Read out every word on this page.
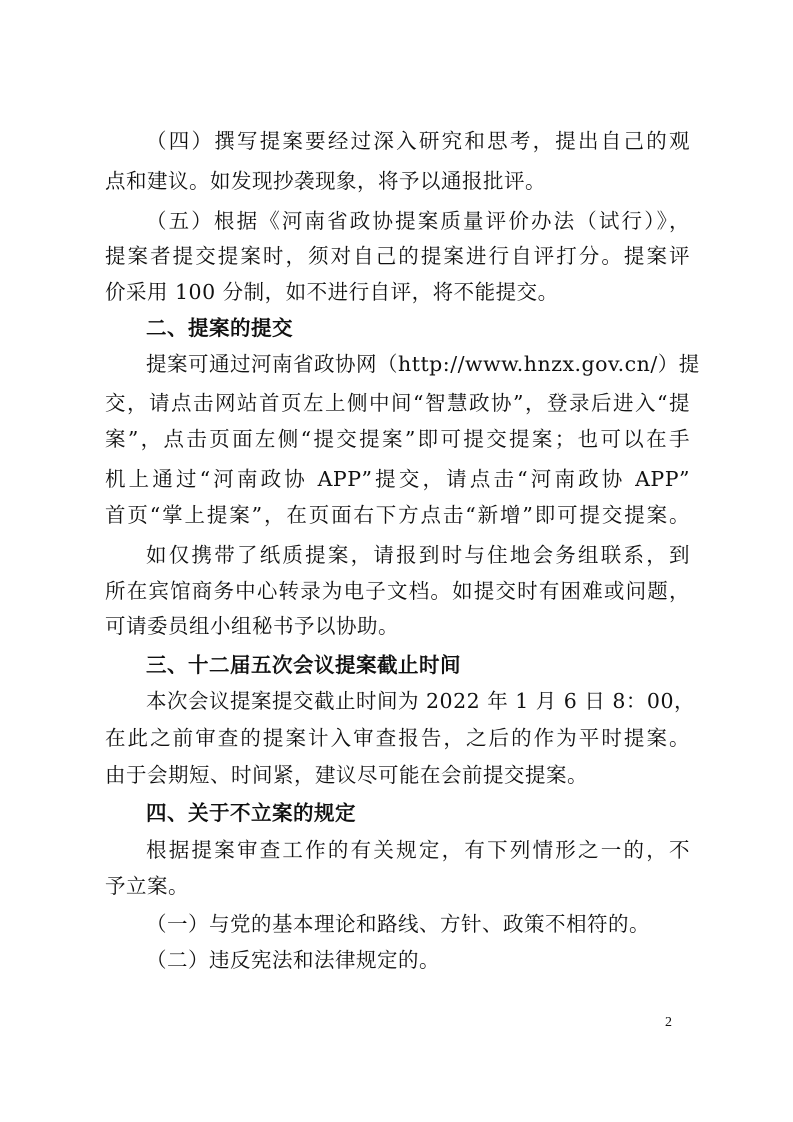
（四）撰写提案要经过深入研究和思考，提出自己的观
点和建议。如发现抄袭现象，将予以通报批评。
（五）根据《河南省政协提案质量评价办法（试行）》，
提案者提交提案时，须对自己的提案进行自评打分。提案评
价采用 100 分制，如不进行自评，将不能提交。
二、提案的提交
提案可通过河南省政协网（http://www.hnzx.gov.cn/）提
交，请点击网站首页左上侧中间“智慧政协”，登录后进入“提
案”，点击页面左侧“提交提案”即可提交提案；也可以在手
机上通过“河南政协 APP”提交，请点击“河南政协 APP”
首页“掌上提案”，在页面右下方点击“新增”即可提交提案。
如仅携带了纸质提案，请报到时与住地会务组联系，到
所在宾馆商务中心转录为电子文档。如提交时有困难或问题，
可请委员组小组秘书予以协助。
三、十二届五次会议提案截止时间
本次会议提案提交截止时间为 2022 年 1 月 6 日 8：00，
在此之前审查的提案计入审查报告，之后的作为平时提案。
由于会期短、时间紧，建议尽可能在会前提交提案。
四、关于不立案的规定
根据提案审查工作的有关规定，有下列情形之一的，不
予立案。
（一）与党的基本理论和路线、方针、政策不相符的。
（二）违反宪法和法律规定的。
2
